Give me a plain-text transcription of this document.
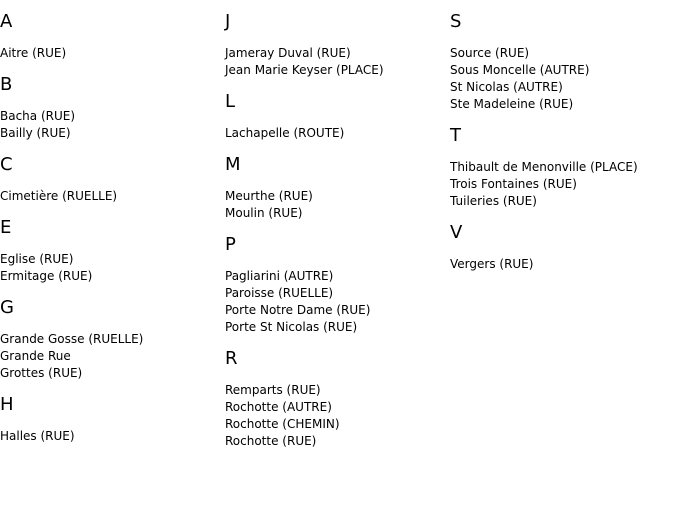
A
Aitre (RUE)
B
Bacha (RUE)
Bailly (RUE)
C
Cimetière (RUELLE)
E
Eglise (RUE)
Ermitage (RUE)
G
Grande Gosse (RUELLE)
Grande Rue
Grottes (RUE)
H
Halles (RUE)
J
Jameray Duval (RUE)
Jean Marie Keyser (PLACE)
L
Lachapelle (ROUTE)
M
Meurthe (RUE)
Moulin (RUE)
P
Pagliarini (AUTRE)
Paroisse (RUELLE)
Porte Notre Dame (RUE)
Porte St Nicolas (RUE)
R
Remparts (RUE)
Rochotte (AUTRE)
Rochotte (CHEMIN)
Rochotte (RUE)
S
Source (RUE)
Sous Moncelle (AUTRE)
St Nicolas (AUTRE)
Ste Madeleine (RUE)
T
Thibault de Menonville (PLACE)
Trois Fontaines (RUE)
Tuileries (RUE)
V
Vergers (RUE)
